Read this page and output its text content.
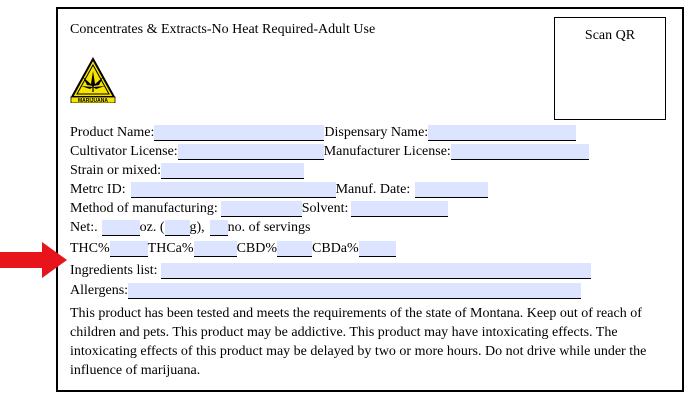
Concentrates & Extracts-No Heat Required-Adult Use	Scan QR
MARIJUANA
Product Name:	Dispensary Name:
Cultivator License:	Manufacturer License:
Strain or mixed:
Metrc ID:	Manuf. Date:
Method of manufacturing:	Solvent:
Net:.	oz. ( g), no. of servings
THC%	THCa%	CBD%	CBDa%
Ingredients list:
Allergens:
This product has been tested and meets the requirements of the state of Montana. Keep out of reach of children and pets. This product may be addictive. This product may have intoxicating effects. The intoxicating effects of this product may be delayed by two or more hours. Do not drive while under the influence of marijuana.
